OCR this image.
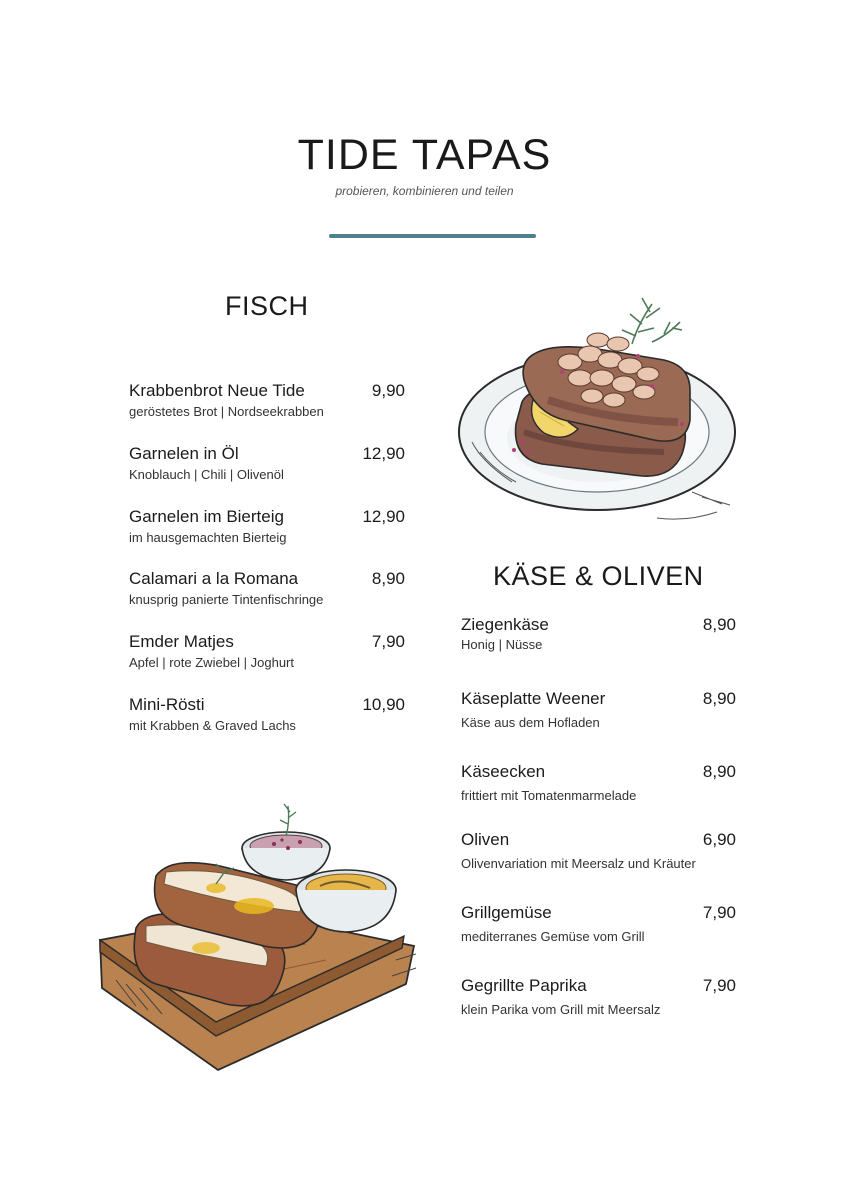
TIDE TAPAS
probieren, kombinieren und teilen
FISCH
Krabbenbrot Neue Tide
geröstetes Brot | Nordseekrabben
9,90
Garnelen in Öl
Knoblauch | Chili | Olivenöl
12,90
Garnelen im Bierteig
im hausgemachten Bierteig
12,90
Calamari a la Romana
knusprig panierte Tintenfischringe
8,90
Emder Matjes
Apfel | rote Zwiebel | Joghurt
7,90
Mini-Rösti
mit Krabben & Graved Lachs
10,90
KÄSE & OLIVEN
Ziegenkäse
Honig | Nüsse
8,90
Käseplatte Weener
Käse aus dem Hofladen
8,90
Käseecken
frittiert mit Tomatenmarmelade
8,90
Oliven
Olivenvariation mit Meersalz und Kräuter
6,90
Grillgemüse
mediterranes Gemüse vom Grill
7,90
Gegrillte Paprika
klein Parika vom Grill mit Meersalz
7,90
